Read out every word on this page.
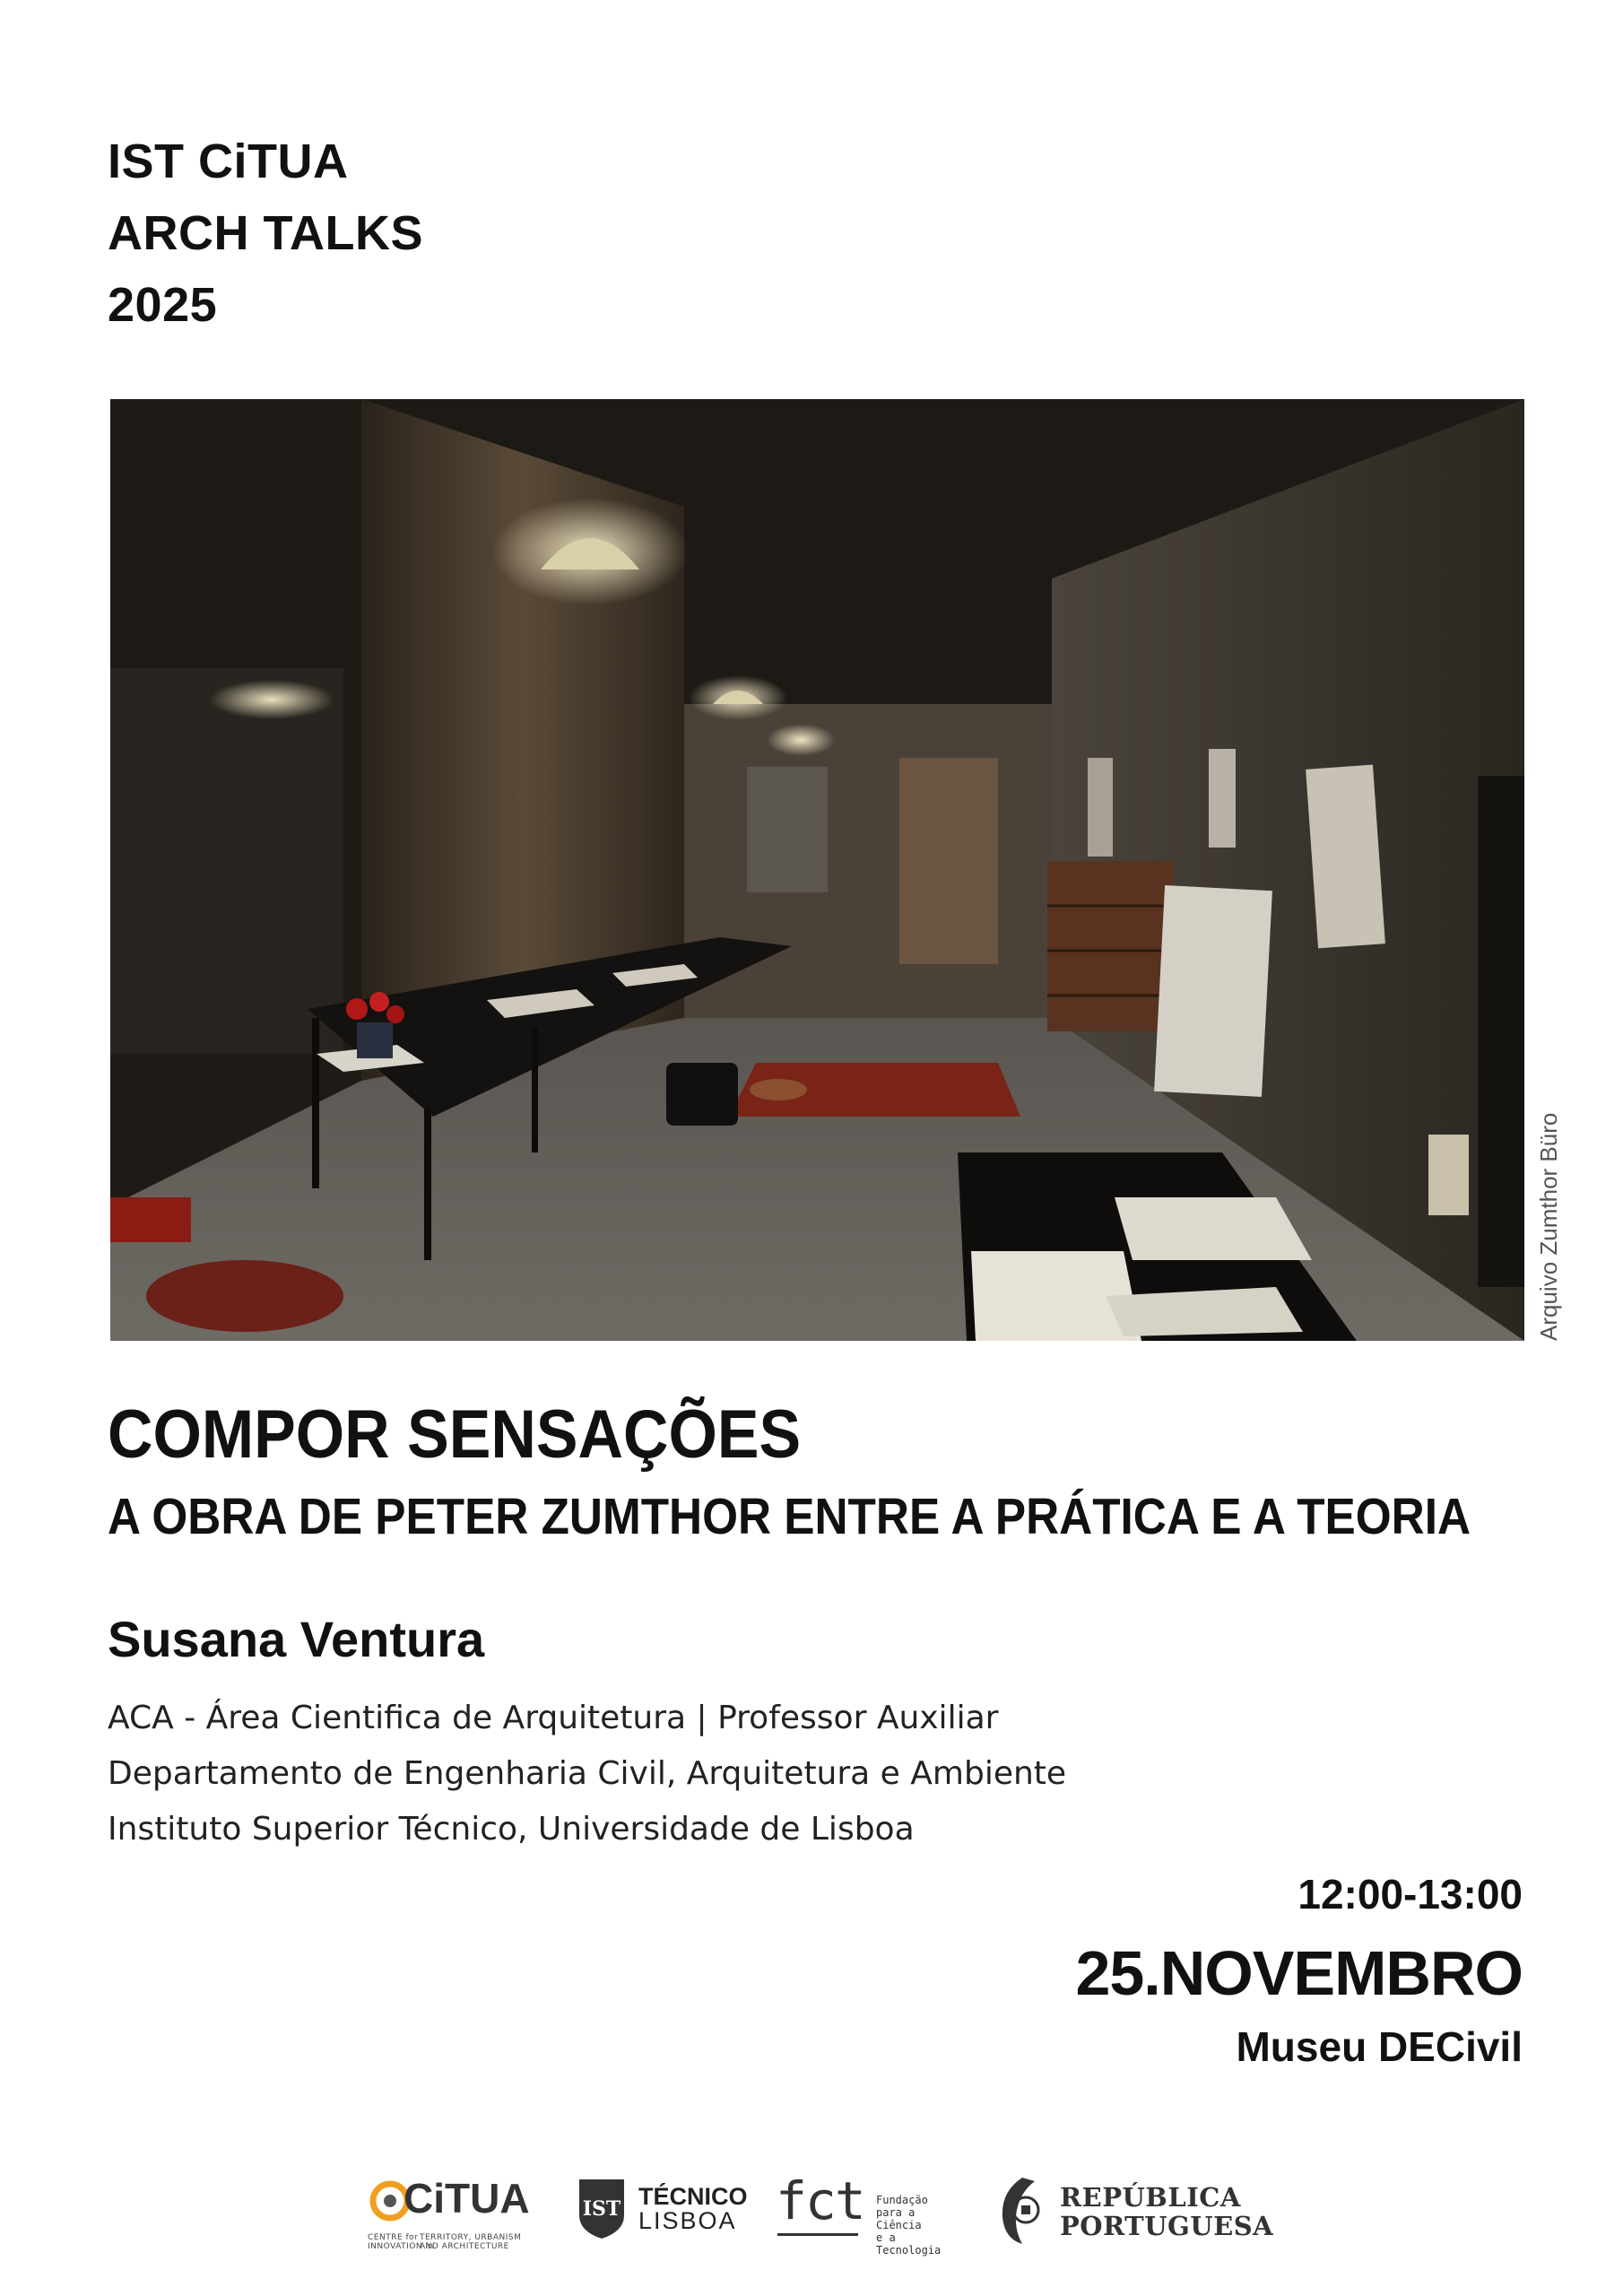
IST CiTUA
ARCH TALKS
2025
Arquivo Zumthor Büro
COMPOR SENSAÇÕES
A OBRA DE PETER ZUMTHOR ENTRE A PRÁTICA E A TEORIA
Susana Ventura
ACA - Área Cientifica de Arquitetura | Professor Auxiliar
Departamento de Engenharia Civil, Arquitetura e Ambiente
Instituto Superior Técnico, Universidade de Lisboa
12:00-13:00
25.NOVEMBRO
Museu DECivil
CiTUA
CENTRE for
INNOVATION in
TERRITORY, URBANISM
AND ARCHITECTURE
IST TÉCNICO
LISBOA fct Fundação
para a Ciência
e a Tecnologia
REPÚBLICA
PORTUGUESA
